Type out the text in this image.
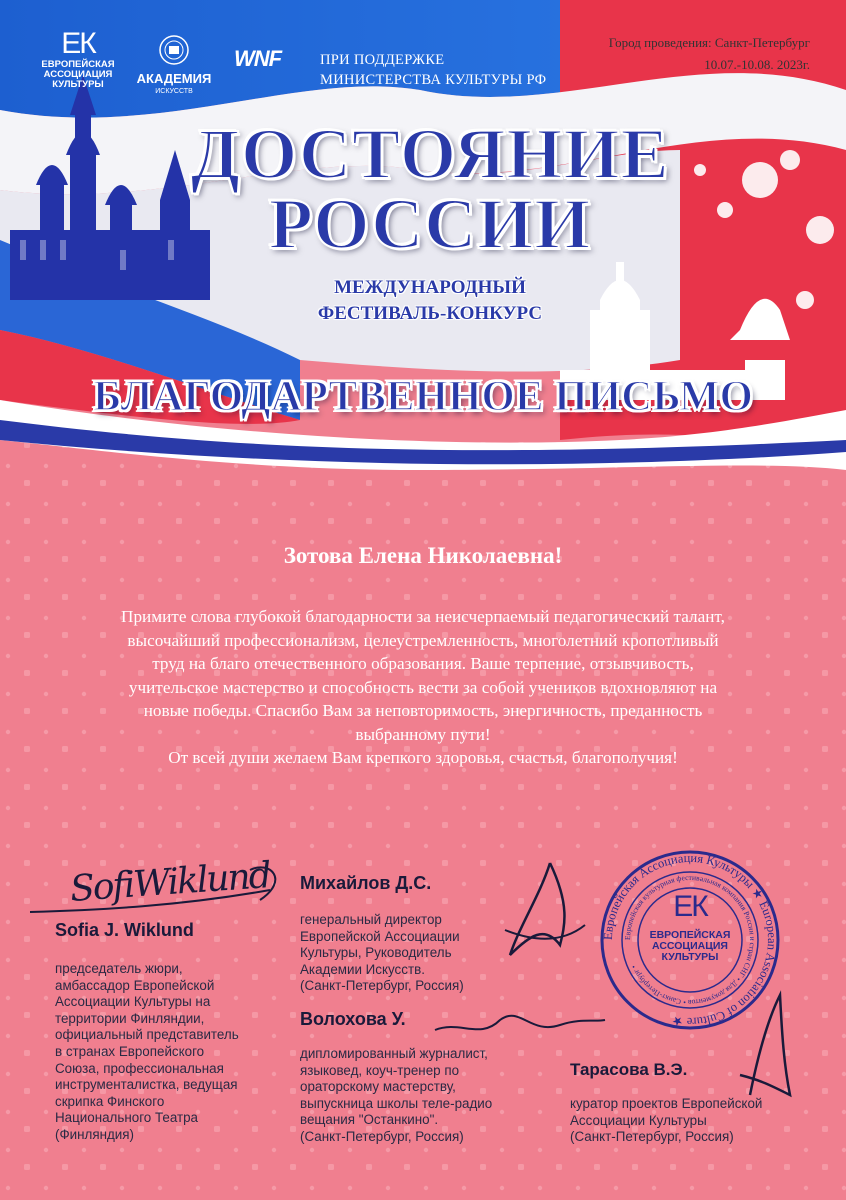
ЕК
ЕВРОПЕЙСКАЯ
АССОЦИАЦИЯ
КУЛЬТУРЫ	АКАДЕМИЯ
ИСКУССТВ
WNF	ПРИ ПОДДЕРЖКЕ
МИНИСТЕРСТВА КУЛЬТУРЫ РФ
Город проведения: Санкт-Петербург
10.07.-10.08. 2023г.
ДОСТОЯНИЕ
РОССИИ
МЕЖДУНАРОДНЫЙ
ФЕСТИВАЛЬ-КОНКУРС
БЛАГОДАРТВЕННОЕ ПИСЬМО
Зотова Елена Николаевна!

Примите слова глубокой благодарности за неисчерпаемый педагогический талант,

высочайший профессионализм, целеустремленность, многолетний кропотливый

труд на благо отечественного образования. Ваше терпение, отзывчивость,

учительское мастерство и способность вести за собой учеников вдохновляют на

новые победы. Спасибо Вам за неповторимость, энергичность, преданность

выбранному пути!

От всей души желаем Вам крепкого здоровья, счастья, благополучия!

SofiWiklund
Европейская Ассоциация Культуры ★ European Association of Culture ★
Европейская культурная фестивальная компания России и стран СНГ • Для документов • Санкт-Петербург •
ЕК
ЕВРОПЕЙСКАЯ
АССОЦИАЦИЯ
КУЛЬТУРЫ
Sofia J. Wiklund
председатель жюри,
амбассадор Европейской
Ассоциации Культуры на
территории Финляндии,
официальный представитель
в странах Европейского
Союза, профессиональная
инструменталистка, ведущая
скрипка Финского
Национального Театра
(Финляндия)
Михайлов Д.С.
генеральный директор
Европейской Ассоциации
Культуры, Руководитель
Академии Искусств.
(Санкт-Петербург, Россия)
Волохова У.
дипломированный журналист,
языковед, коуч-тренер по
ораторскому мастерству,
выпускница школы теле-радио
вещания "Останкино".
(Санкт-Петербург, Россия)
Тарасова В.Э.
куратор проектов Европейской
Ассоциации Культуры
(Санкт-Петербург, Россия)
